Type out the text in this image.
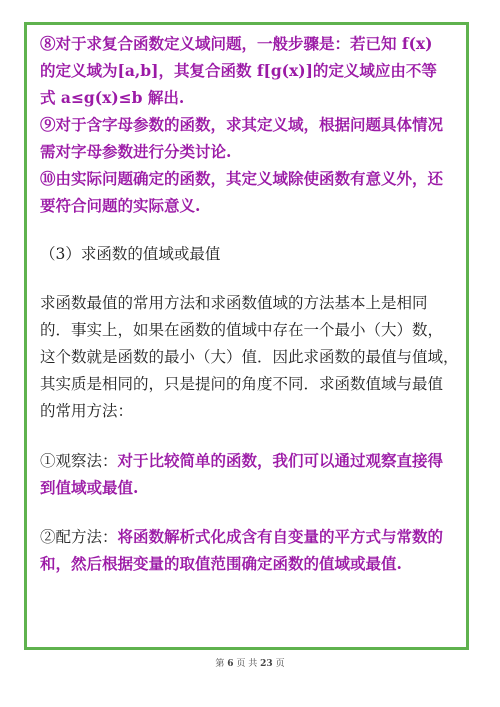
⑧对于求复合函数定义域问题，一般步骤是：若已知 f(x)
的定义域为[a,b]，其复合函数 f[g(x)]的定义域应由不等
式 a≤g(x)≤b 解出.
⑨对于含字母参数的函数，求其定义域，根据问题具体情况
需对字母参数进行分类讨论.
⑩由实际问题确定的函数，其定义域除使函数有意义外，还
要符合问题的实际意义.
（3）求函数的值域或最值
求函数最值的常用方法和求函数值域的方法基本上是相同
的．事实上，如果在函数的值域中存在一个最小（大）数，
这个数就是函数的最小（大）值．因此求函数的最值与值域，
其实质是相同的，只是提问的角度不同．求函数值域与最值
的常用方法：
①观察法：对于比较简单的函数，我们可以通过观察直接得
到值域或最值.
②配方法：将函数解析式化成含有自变量的平方式与常数的
和，然后根据变量的取值范围确定函数的值域或最值.
第 6 页 共 23 页
